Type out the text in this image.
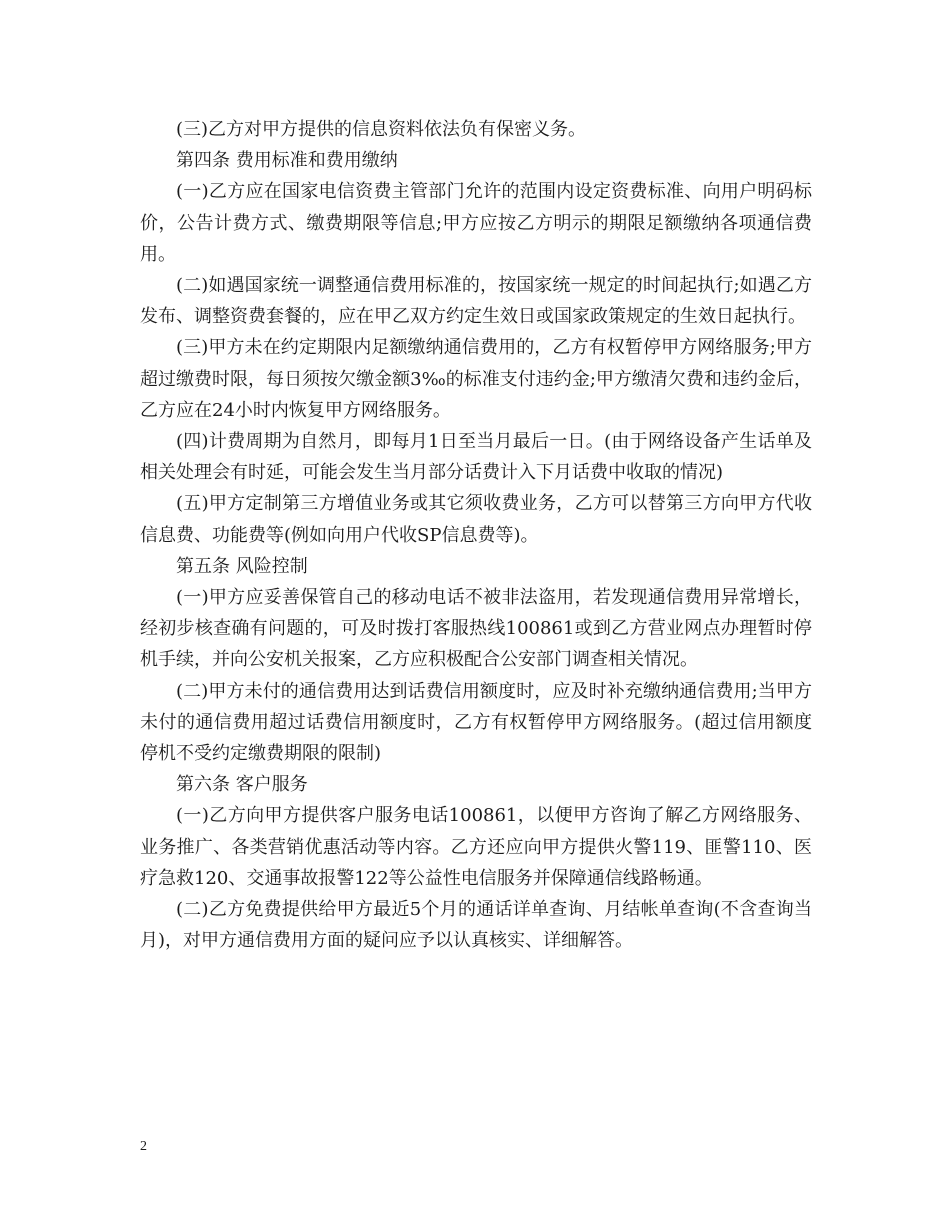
(三)乙方对甲方提供的信息资料依法负有保密义务。

第四条 费用标准和费用缴纳

(一)乙方应在国家电信资费主管部门允许的范围内设定资费标准、向用户明码标价，公告计费方式、缴费期限等信息;甲方应按乙方明示的期限足额缴纳各项通信费用。

(二)如遇国家统一调整通信费用标准的，按国家统一规定的时间起执行;如遇乙方发布、调整资费套餐的，应在甲乙双方约定生效日或国家政策规定的生效日起执行。

(三)甲方未在约定期限内足额缴纳通信费用的，乙方有权暂停甲方网络服务;甲方超过缴费时限，每日须按欠缴金额3‰的标准支付违约金;甲方缴清欠费和违约金后，乙方应在24小时内恢复甲方网络服务。

(四)计费周期为自然月，即每月1日至当月最后一日。(由于网络设备产生话单及相关处理会有时延，可能会发生当月部分话费计入下月话费中收取的情况)

(五)甲方定制第三方增值业务或其它须收费业务，乙方可以替第三方向甲方代收信息费、功能费等(例如向用户代收SP信息费等)。

第五条 风险控制

(一)甲方应妥善保管自己的移动电话不被非法盗用，若发现通信费用异常增长，经初步核查确有问题的，可及时拨打客服热线100861或到乙方营业网点办理暂时停机手续，并向公安机关报案，乙方应积极配合公安部门调查相关情况。

(二)甲方未付的通信费用达到话费信用额度时，应及时补充缴纳通信费用;当甲方未付的通信费用超过话费信用额度时，乙方有权暂停甲方网络服务。(超过信用额度停机不受约定缴费期限的限制)

第六条 客户服务

(一)乙方向甲方提供客户服务电话100861，以便甲方咨询了解乙方网络服务、业务推广、各类营销优惠活动等内容。乙方还应向甲方提供火警119、匪警110、医疗急救120、交通事故报警122等公益性电信服务并保障通信线路畅通。

(二)乙方免费提供给甲方最近5个月的通话详单查询、月结帐单查询(不含查询当月)，对甲方通信费用方面的疑问应予以认真核实、详细解答。

2
